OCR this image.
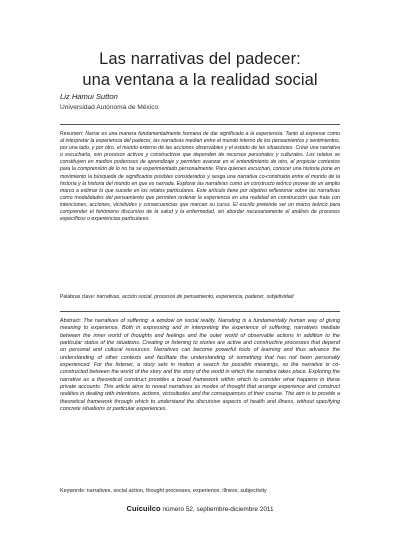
Las narrativas del padecer:
una ventana a la realidad social
Liz Hamui Sutton
Universidad Autónoma de México

Resumen: Narrar es una manera fundamentalmente humana de dar significado a la experiencia. Tanto al expresar como al interpretar la experiencia del padecer, las narrativas median entre el mundo interno de los pensamientos y sentimientos, por una lado, y por otro, el mundo externo de las acciones observables y el estado de las situaciones. Crear una narrativa o escucharla, son procesos activos y constructivos que dependen de recursos personales y culturales. Los relatos se constituyen en medios poderosos de aprendizaje y permiten avanzar en el entendimiento de otro, al propiciar contextos para la comprensión de lo no ha se experimentado personalmente. Para quienes escuchan, conocer una historia pone en movimiento la búsqueda de significados posibles considerados y sesga una narrativa co-construida entre el mundo de la historia y la historia del mundo en que es narrada. Explorar las narrativas como un constructo teórico provee de un amplio marco a estimar lo que sucede en los relatos particulares. Este artículo tiene por objetivo reflexionar sobre las narrativas como modalidades del pensamiento que permiten ordenar la experiencia en una realidad en construcción que trata con intenciones, acciones, vicisitudes y consecuencias que marcan su curso. El escrito pretende ser un marco teórico para comprender el fenómeno discursivo de la salud y la enfermedad, sin abordar necesariamente el análisis de procesos específicos o experiencias particulares.

Palabras clave: narrativas, acción social, procesos de pensamiento, experiencia, padecer, subjetividad

Abstract: The narratives of suffering: a window on social reality. Narrating is a fundamentally human way of giving meaning to experience. Both in expressing and in interpreting the experience of suffering, narratives mediate between the inner world of thoughts and feelings and the outer world of observable actions in addition to the particular status of the situations. Creating or listening to stories are active and constructive processes that depend on personal and cultural resources. Narratives can become powerful tools of learning and thus advance the understanding of other contexts and facilitate the understanding of something that has not been personally experienced. For the listener, a story sets in motion a search for possible meanings, so the narrative is co-constructed between the world of the story and the story of the world in which the narrative takes place. Exploring the narrative as a theoretical construct provides a broad framework within which to consider what happens in these private accounts. This article aims to reveal narratives as modes of thought that arrange experience and construct realities in dealing with intentions, actions, vicissitudes and the consequences of their course. The aim is to provide a theoretical framework through which to understand the discursive aspects of health and illness, without specifying concrete situations or particular experiences.

Keywords: narratives, social action, thought processes, experience, illness, subjectivity

Cuicuilco número 52, septiembre-diciembre 2011
